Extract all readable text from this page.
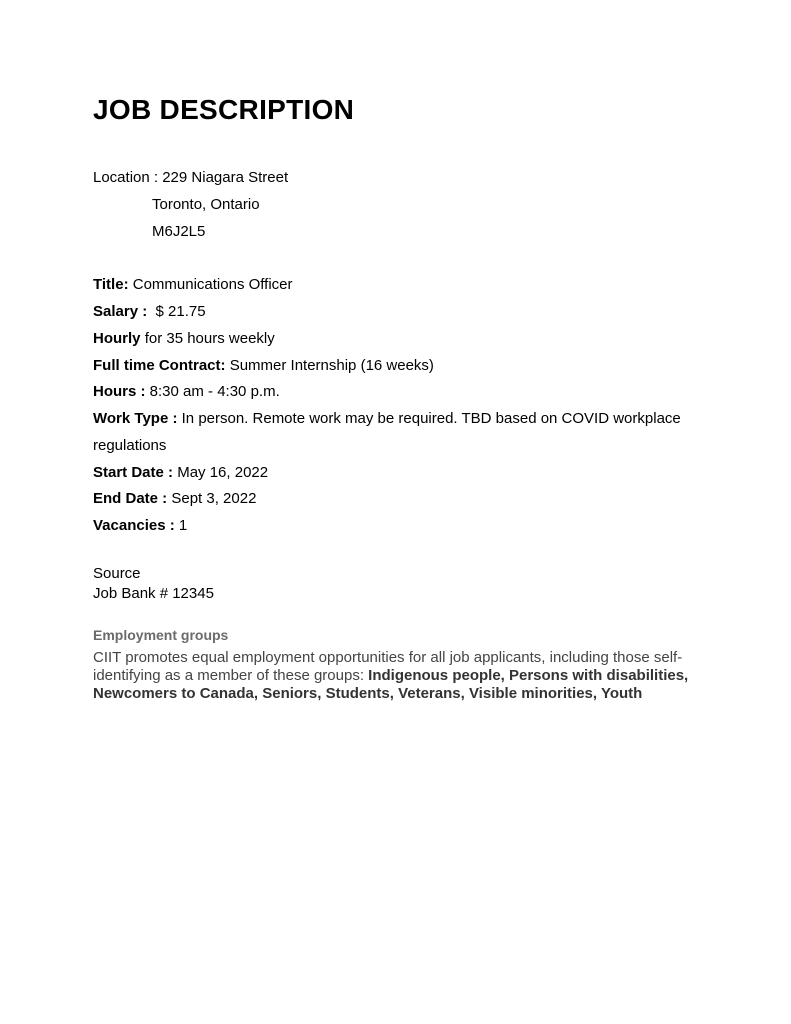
JOB DESCRIPTION
Location : 229 Niagara Street
Toronto, Ontario
M6J2L5
Title: Communications Officer
Salary : $ 21.75
Hourly for 35 hours weekly
Full time Contract: Summer Internship (16 weeks)
Hours : 8:30 am - 4:30 p.m.
Work Type : In person. Remote work may be required. TBD based on COVID workplace
regulations
Start Date : May 16, 2022
End Date : Sept 3, 2022
Vacancies : 1
Source
Job Bank # 12345
Employment groups
CIIT promotes equal employment opportunities for all job applicants, including those self-identifying as a member of these groups: Indigenous people, Persons with disabilities, Newcomers to Canada, Seniors, Students, Veterans, Visible minorities, Youth
